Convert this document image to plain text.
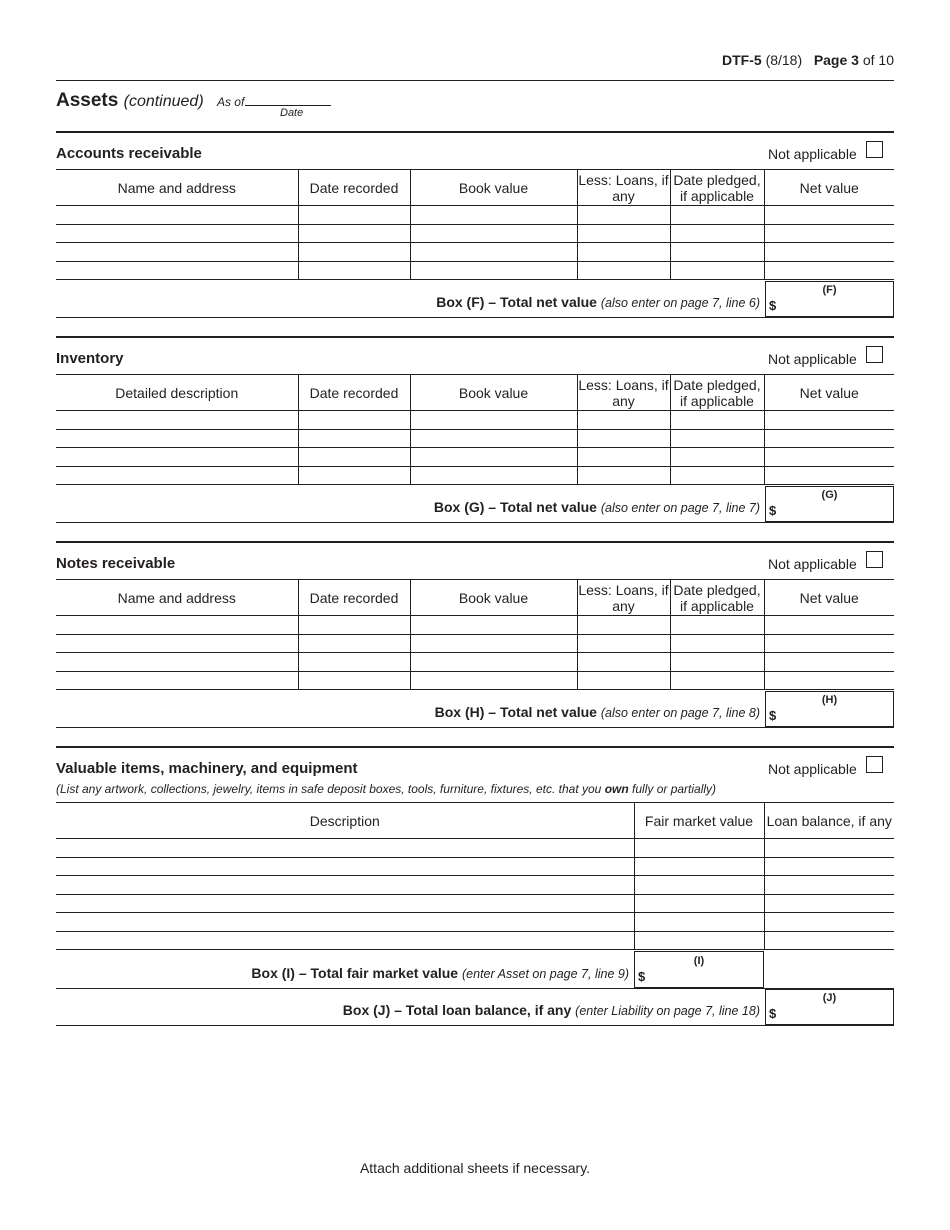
DTF-5 (8/18) Page 3 of 10
Assets (continued) As of
Date
Accounts receivable	Not applicable
Name and address	Date recorded	Book value	Less: Loans, if any	Date pledged, if applicable	Net value

Box (F) – Total net value (also enter on page 7, line 6)
(F)
$
Inventory	Not applicable
Detailed description	Date recorded	Book value	Less: Loans, if any	Date pledged, if applicable	Net value

Box (G) – Total net value (also enter on page 7, line 7)
(G)
$
Notes receivable	Not applicable
Name and address	Date recorded	Book value	Less: Loans, if any	Date pledged, if applicable	Net value

Box (H) – Total net value (also enter on page 7, line 8)
(H)
$
Valuable items, machinery, and equipment	Not applicable
(List any artwork, collections, jewelry, items in safe deposit boxes, tools, furniture, fixtures, etc. that you own fully or partially)
Description	Fair market value	Loan balance, if any

Box (I) – Total fair market value (enter Asset on page 7, line 9)
(I)
$
Box (J) – Total loan balance, if any (enter Liability on page 7, line 18)
(J)
$
Attach additional sheets if necessary.
